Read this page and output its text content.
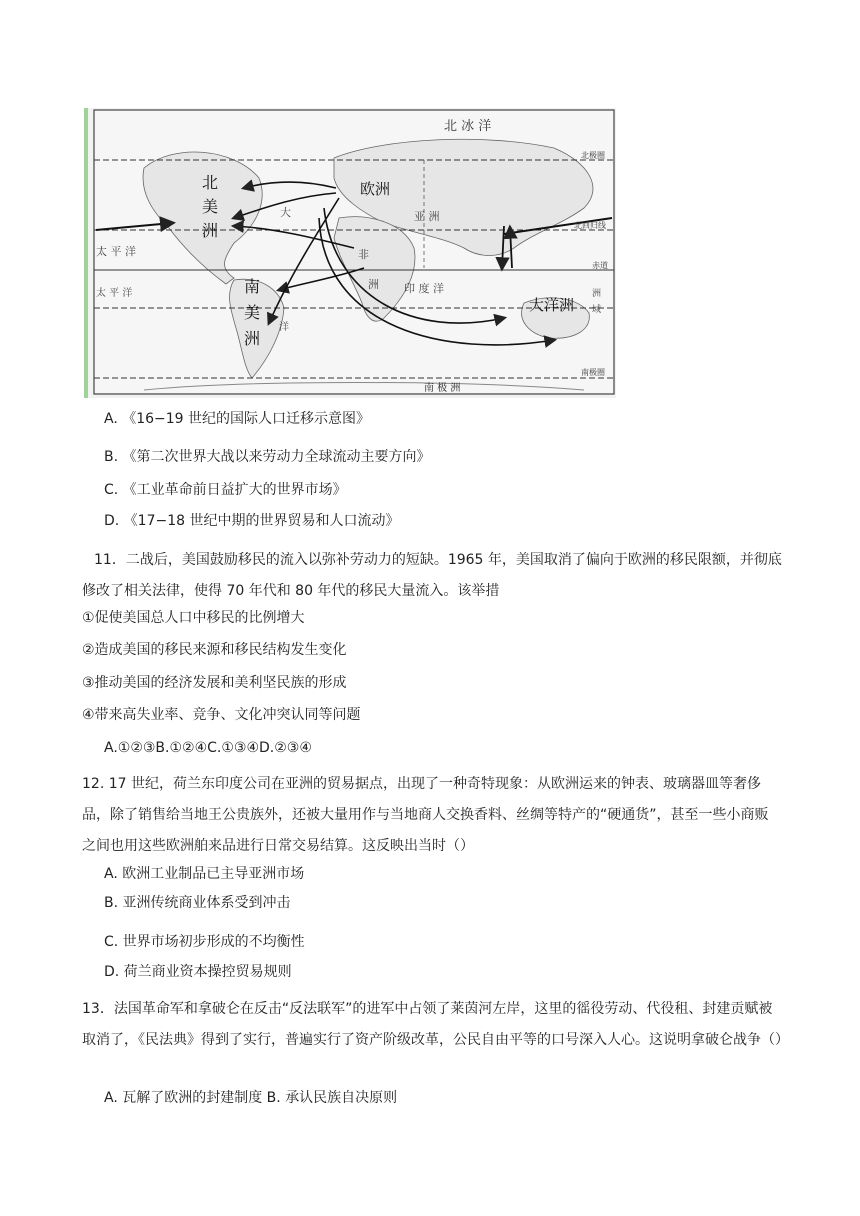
北 冰 洋
北
美
洲
欧洲
大	亚 洲
非
洲
太 平 洋
太 平 洋	南
美
洲
洋
印 度 洋
大洋洲
洲
域
北极圈
北回归线
赤道
南极圈
南 极 洲
A. 《16−19 世纪的国际人口迁移示意图》
B. 《第二次世界大战以来劳动力全球流动主要方向》
C. 《工业革命前日益扩大的世界市场》
D. 《17−18 世纪中期的世界贸易和人口流动》
11．二战后，美国鼓励移民的流入以弥补劳动力的短缺。1965 年，美国取消了偏向于欧洲的移民限额，并彻底修改了相关法律，使得 70 年代和 80 年代的移民大量流入。该举措
①促使美国总人口中移民的比例增大
②造成美国的移民来源和移民结构发生变化
③推动美国的经济发展和美利坚民族的形成
④带来高失业率、竞争、文化冲突认同等问题
A.①②③B.①②④C.①③④D.②③④
12. 17 世纪，荷兰东印度公司在亚洲的贸易据点，出现了一种奇特现象：从欧洲运来的钟表、玻璃器皿等奢侈品，除了销售给当地王公贵族外，还被大量用作与当地商人交换香料、丝绸等特产的“硬通货”，甚至一些小商贩之间也用这些欧洲舶来品进行日常交易结算。这反映出当时（）
A. 欧洲工业制品已主导亚洲市场
B. 亚洲传统商业体系受到冲击
C. 世界市场初步形成的不均衡性
D. 荷兰商业资本操控贸易规则
13．法国革命军和拿破仑在反击“反法联军”的进军中占领了莱茵河左岸，这里的徭役劳动、代役租、封建贡赋被取消了，《民法典》得到了实行，普遍实行了资产阶级改革，公民自由平等的口号深入人心。这说明拿破仑战争（）
A. 瓦解了欧洲的封建制度 B. 承认民族自决原则
